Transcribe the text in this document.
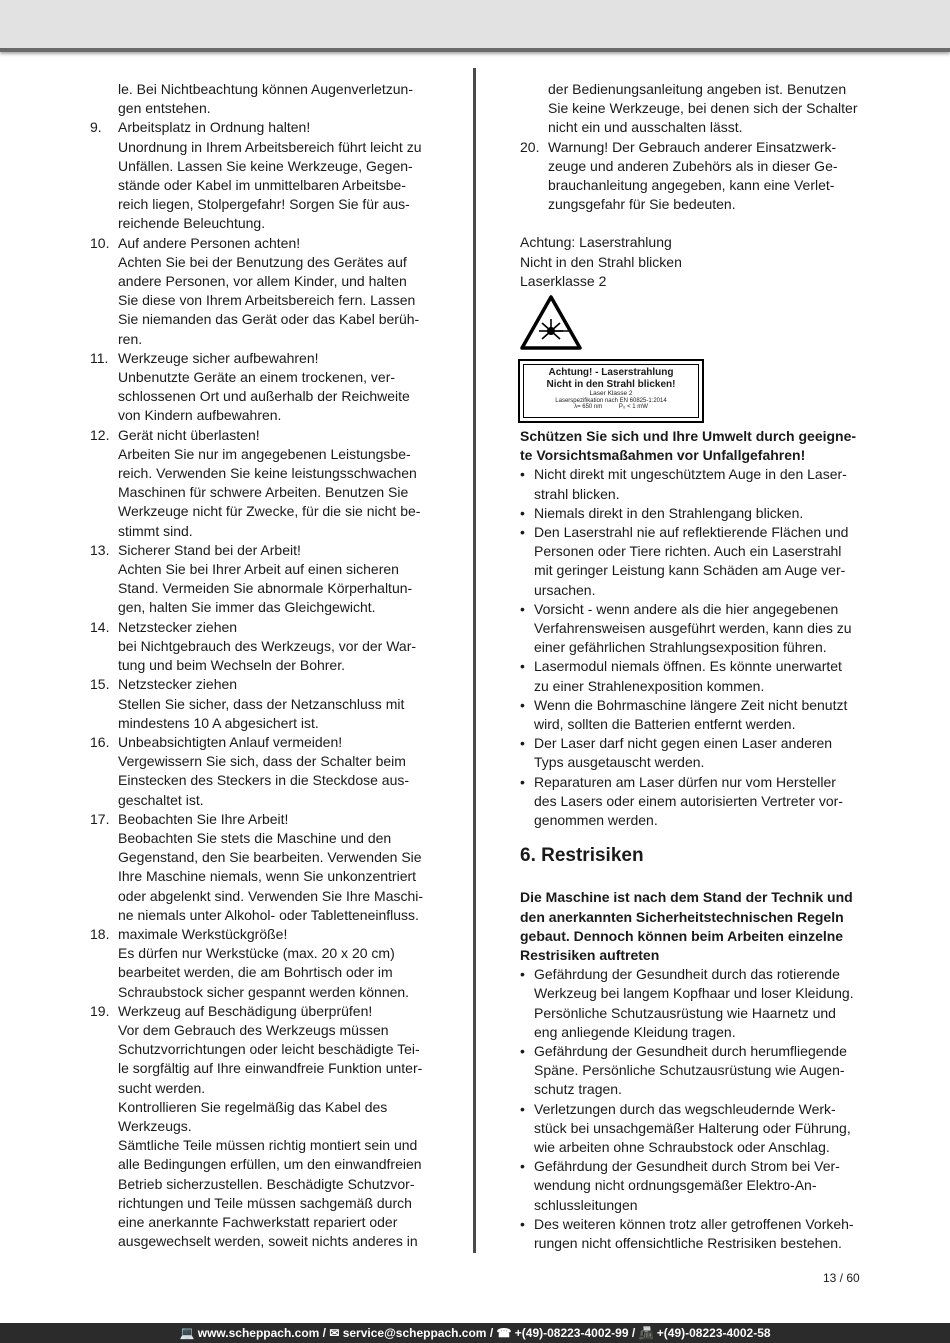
le. Bei Nichtbeachtung können Augenverletzun-

gen entstehen.

9. Arbeitsplatz in Ordnung halten!

Unordnung in Ihrem Arbeitsbereich führt leicht zu

Unfällen. Lassen Sie keine Werkzeuge, Gegen-

stände oder Kabel im unmittelbaren Arbeitsbe-

reich liegen, Stolpergefahr! Sorgen Sie für aus-

reichende Beleuchtung.

10. Auf andere Personen achten!

Achten Sie bei der Benutzung des Gerätes auf

andere Personen, vor allem Kinder, und halten

Sie diese von Ihrem Arbeitsbereich fern. Lassen

Sie niemanden das Gerät oder das Kabel berüh-

ren.

11. Werkzeuge sicher aufbewahren!

Unbenutzte Geräte an einem trockenen, ver-

schlossenen Ort und außerhalb der Reichweite

von Kindern aufbewahren.

12. Gerät nicht überlasten!

Arbeiten Sie nur im angegebenen Leistungsbe-

reich. Verwenden Sie keine leistungsschwachen

Maschinen für schwere Arbeiten. Benutzen Sie

Werkzeuge nicht für Zwecke, für die sie nicht be-

stimmt sind.

13. Sicherer Stand bei der Arbeit!

Achten Sie bei Ihrer Arbeit auf einen sicheren

Stand. Vermeiden Sie abnormale Körperhaltun-

gen, halten Sie immer das Gleichgewicht.

14. Netzstecker ziehen

bei Nichtgebrauch des Werkzeugs, vor der War-

tung und beim Wechseln der Bohrer.

15. Netzstecker ziehen

Stellen Sie sicher, dass der Netzanschluss mit

mindestens 10 A abgesichert ist.

16. Unbeabsichtigten Anlauf vermeiden!

Vergewissern Sie sich, dass der Schalter beim

Einstecken des Steckers in die Steckdose aus-

geschaltet ist.

17. Beobachten Sie Ihre Arbeit!

Beobachten Sie stets die Maschine und den

Gegenstand, den Sie bearbeiten. Verwenden Sie

Ihre Maschine niemals, wenn Sie unkonzentriert

oder abgelenkt sind. Verwenden Sie Ihre Maschi-

ne niemals unter Alkohol- oder Tabletteneinfluss.

18. maximale Werkstückgröße!

Es dürfen nur Werkstücke (max. 20 x 20 cm)

bearbeitet werden, die am Bohrtisch oder im

Schraubstock sicher gespannt werden können.

19. Werkzeug auf Beschädigung überprüfen!

Vor dem Gebrauch des Werkzeugs müssen

Schutzvorrichtungen oder leicht beschädigte Tei-

le sorgfältig auf Ihre einwandfreie Funktion unter-

sucht werden.

Kontrollieren Sie regelmäßig das Kabel des

Werkzeugs.

Sämtliche Teile müssen richtig montiert sein und

alle Bedingungen erfüllen, um den einwandfreien

Betrieb sicherzustellen. Beschädigte Schutzvor-

richtungen und Teile müssen sachgemäß durch

eine anerkannte Fachwerkstatt repariert oder

ausgewechselt werden, soweit nichts anderes in

der Bedienungsanleitung angeben ist. Benutzen

Sie keine Werkzeuge, bei denen sich der Schalter

nicht ein und ausschalten lässt.

20. Warnung! Der Gebrauch anderer Einsatzwerk-

zeuge und anderen Zubehörs als in dieser Ge-

brauchanleitung angegeben, kann eine Verlet-

zungsgefahr für Sie bedeuten.

Achtung: Laserstrahlung

Nicht in den Strahl blicken

Laserklasse 2

Achtung! - Laserstrahlung
Nicht in den Strahl blicken!
Laser Klasse 2
Laserspezifikation nach EN 60825-1:2014
λ= 650 nm          P₀ < 1 mW

Schützen Sie sich und Ihre Umwelt durch geeigne-

te Vorsichtsmaßahmen vor Unfallgefahren!

• Nicht direkt mit ungeschütztem Auge in den Laser-

strahl blicken.

• Niemals direkt in den Strahlengang blicken.

• Den Laserstrahl nie auf reflektierende Flächen und

Personen oder Tiere richten. Auch ein Laserstrahl

mit geringer Leistung kann Schäden am Auge ver-

ursachen.

• Vorsicht - wenn andere als die hier angegebenen

Verfahrensweisen ausgeführt werden, kann dies zu

einer gefährlichen Strahlungsexposition führen.

• Lasermodul niemals öffnen. Es könnte unerwartet

zu einer Strahlenexposition kommen.

• Wenn die Bohrmaschine längere Zeit nicht benutzt

wird, sollten die Batterien entfernt werden.

• Der Laser darf nicht gegen einen Laser anderen

Typs ausgetauscht werden.

• Reparaturen am Laser dürfen nur vom Hersteller

des Lasers oder einem autorisierten Vertreter vor-

genommen werden.

6. Restrisiken

Die Maschine ist nach dem Stand der Technik und

den anerkannten Sicherheitstechnischen Regeln

gebaut. Dennoch können beim Arbeiten einzelne

Restrisiken auftreten

• Gefährdung der Gesundheit durch das rotierende

Werkzeug bei langem Kopfhaar und loser Kleidung.

Persönliche Schutzausrüstung wie Haarnetz und

eng anliegende Kleidung tragen.

• Gefährdung der Gesundheit durch herumfliegende

Späne. Persönliche Schutzausrüstung wie Augen-

schutz tragen.

• Verletzungen durch das wegschleudernde Werk-

stück bei unsachgemäßer Halterung oder Führung,

wie arbeiten ohne Schraubstock oder Anschlag.

• Gefährdung der Gesundheit durch Strom bei Ver-

wendung nicht ordnungsgemäßer Elektro-An-

schlussleitungen

• Des weiteren können trotz aller getroffenen Vorkeh-

rungen nicht offensichtliche Restrisiken bestehen.

13 / 60
💻 www.scheppach.com / ✉ service@scheppach.com / ☎ +(49)-08223-4002-99 / 📠 +(49)-08223-4002-58
